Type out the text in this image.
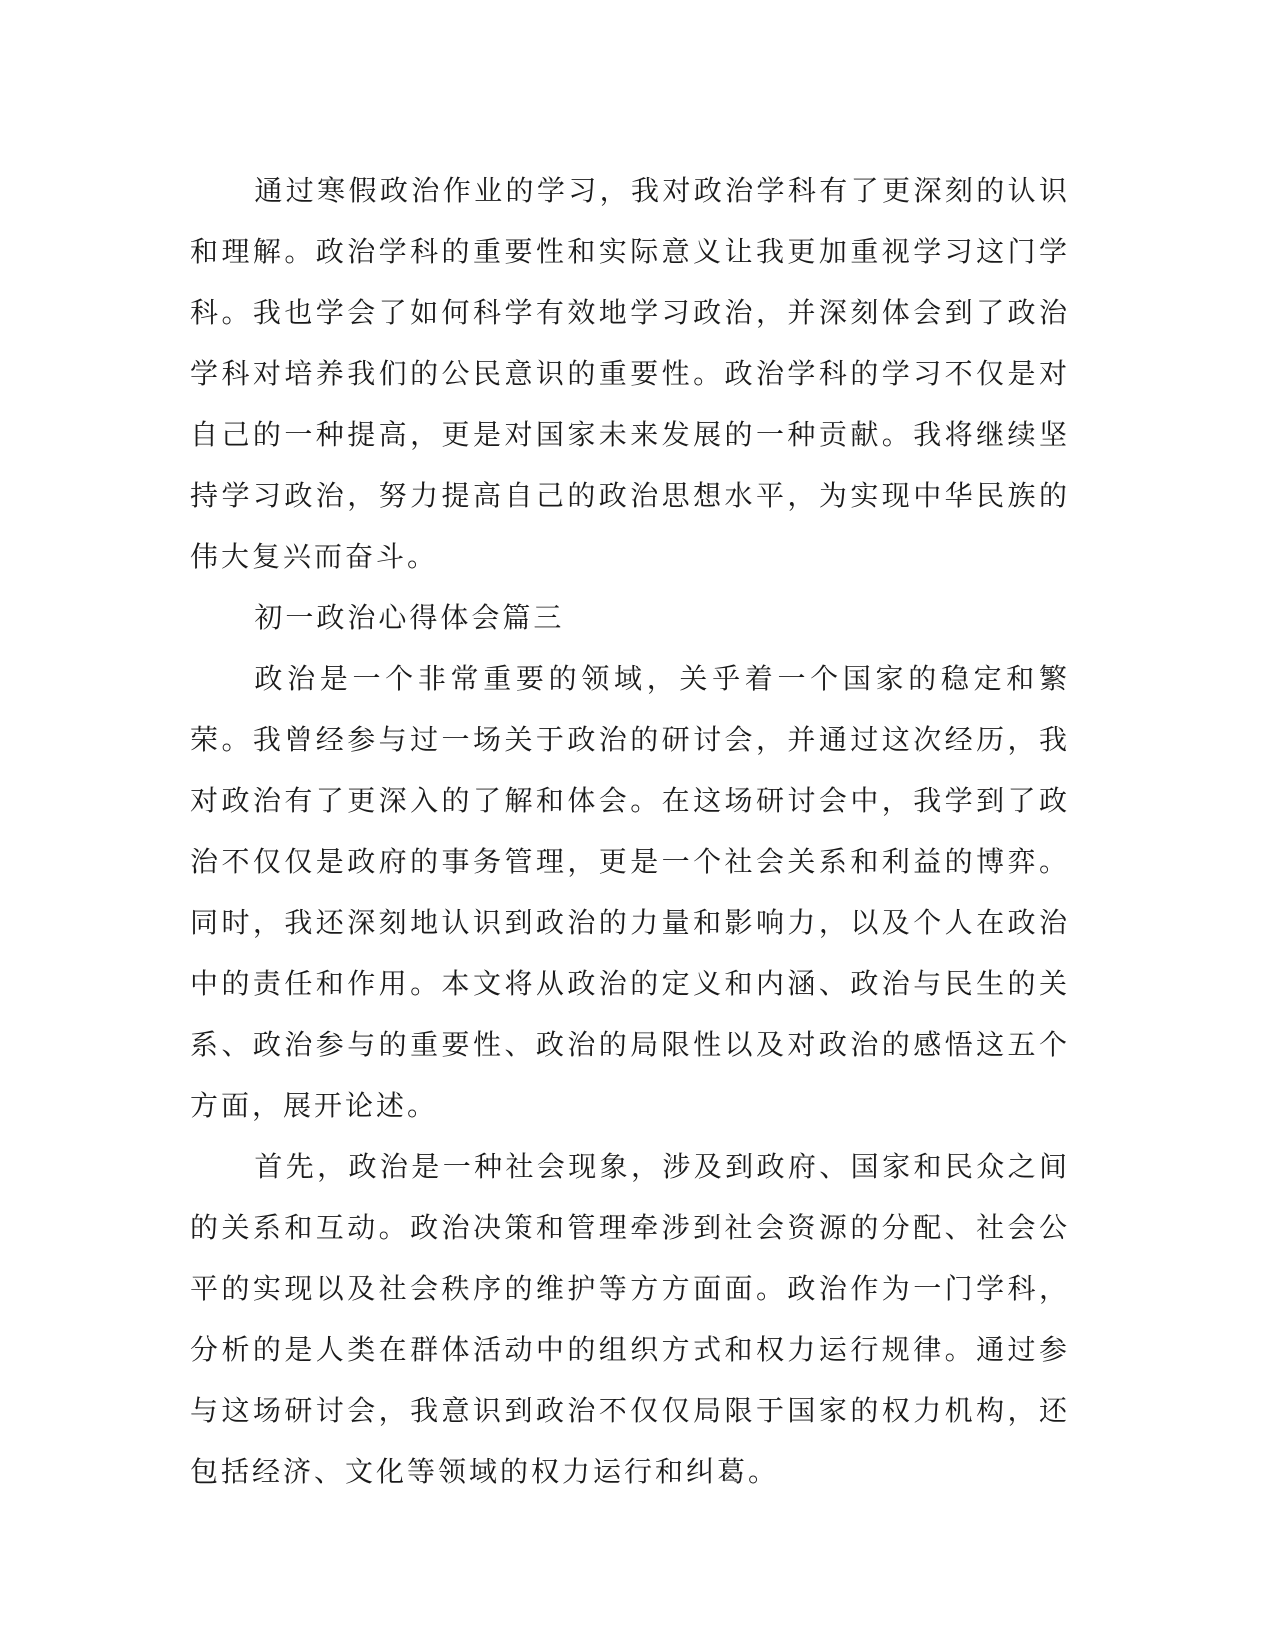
通过寒假政治作业的学习，我对政治学科有了更深刻的认识和理解。政治学科的重要性和实际意义让我更加重视学习这门学科。我也学会了如何科学有效地学习政治，并深刻体会到了政治学科对培养我们的公民意识的重要性。政治学科的学习不仅是对自己的一种提高，更是对国家未来发展的一种贡献。我将继续坚持学习政治，努力提高自己的政治思想水平，为实现中华民族的伟大复兴而奋斗。

初一政治心得体会篇三

政治是一个非常重要的领域，关乎着一个国家的稳定和繁荣。我曾经参与过一场关于政治的研讨会，并通过这次经历，我对政治有了更深入的了解和体会。在这场研讨会中，我学到了政治不仅仅是政府的事务管理，更是一个社会关系和利益的博弈。同时，我还深刻地认识到政治的力量和影响力，以及个人在政治中的责任和作用。本文将从政治的定义和内涵、政治与民生的关系、政治参与的重要性、政治的局限性以及对政治的感悟这五个方面，展开论述。

首先，政治是一种社会现象，涉及到政府、国家和民众之间的关系和互动。政治决策和管理牵涉到社会资源的分配、社会公平的实现以及社会秩序的维护等方方面面。政治作为一门学科，分析的是人类在群体活动中的组织方式和权力运行规律。通过参与这场研讨会，我意识到政治不仅仅局限于国家的权力机构，还包括经济、文化等领域的权力运行和纠葛。
